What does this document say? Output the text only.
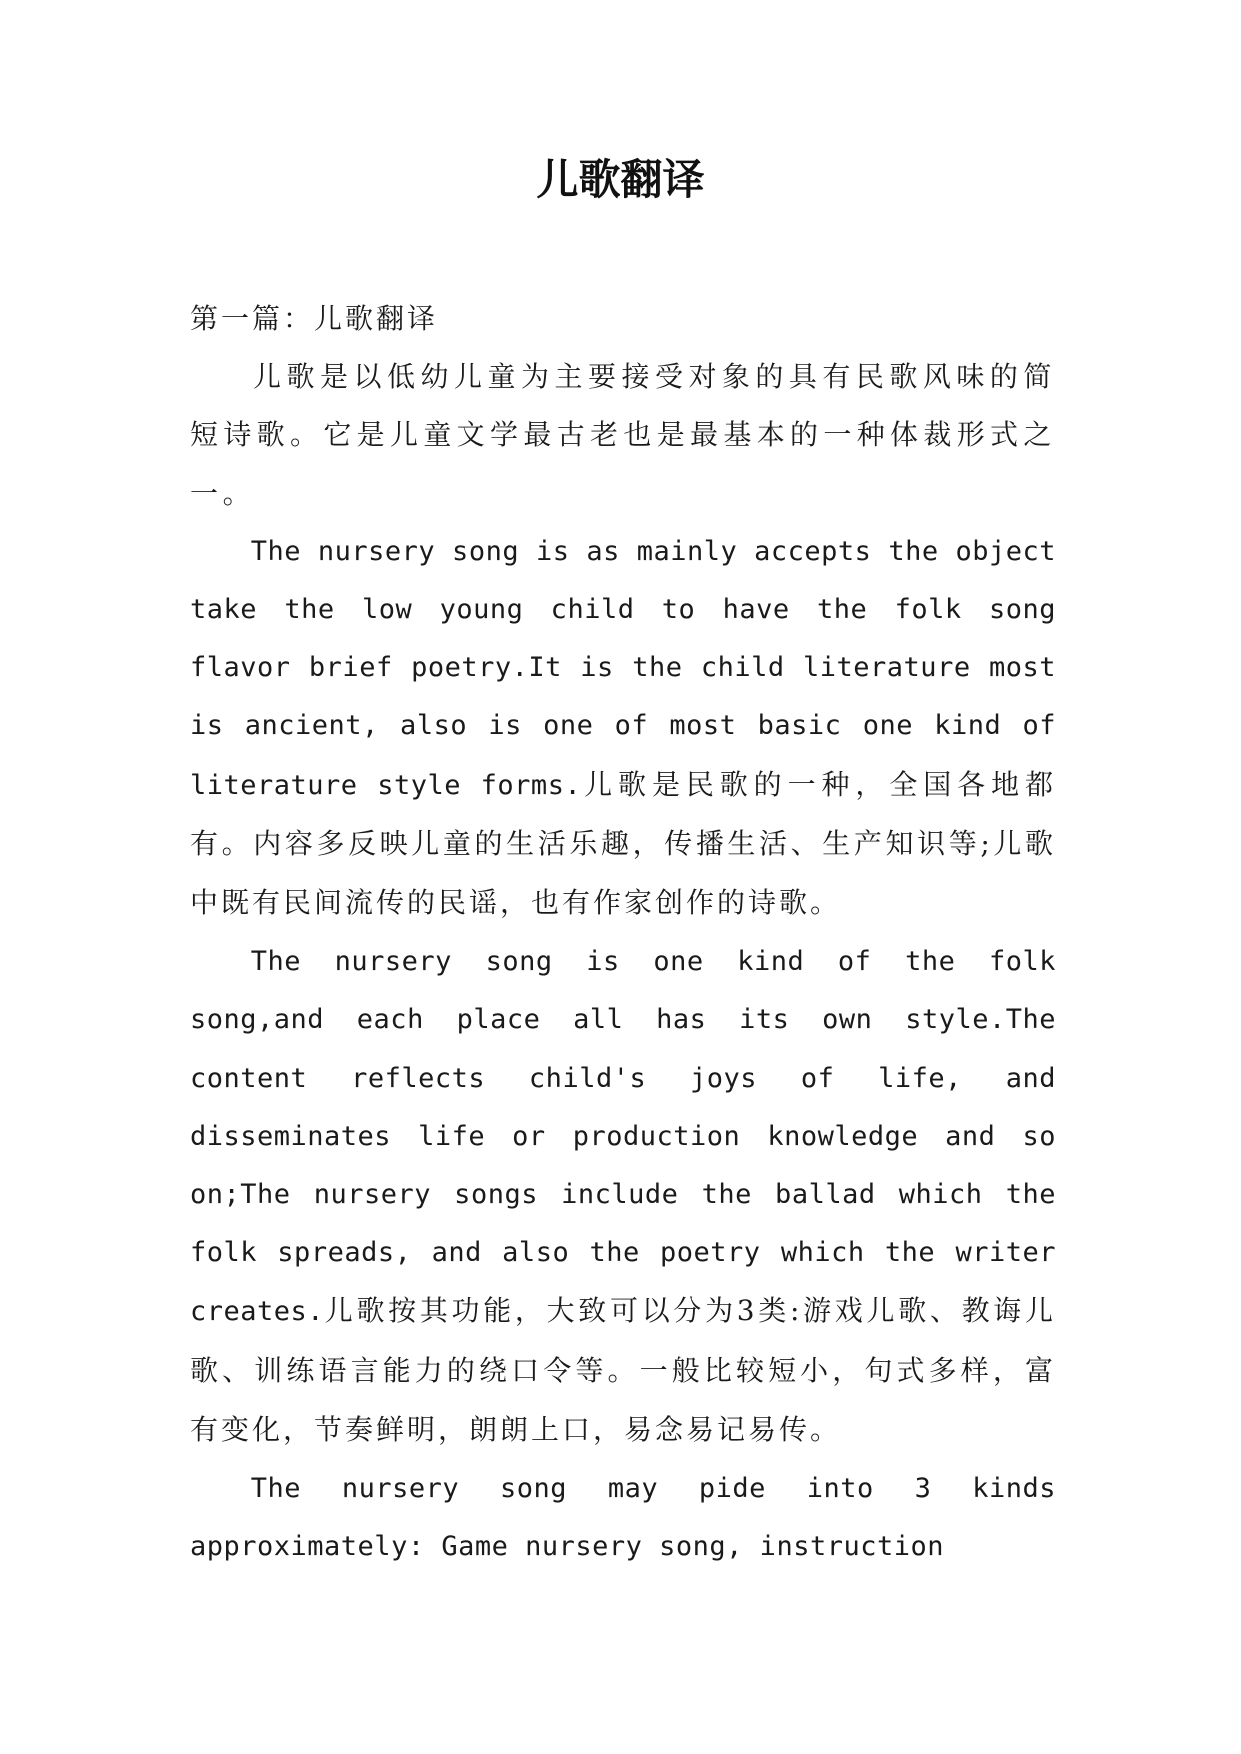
儿歌翻译

第一篇：儿歌翻译

儿歌是以低幼儿童为主要接受对象的具有民歌风味的简短诗歌。它是儿童文学最古老也是最基本的一种体裁形式之一。

The nursery song is as mainly accepts the object take the low young child to have the folk song flavor brief poetry.It is the child literature most is ancient, also is one of most basic one kind of literature style forms.儿歌是民歌的一种，全国各地都有。内容多反映儿童的生活乐趣，传播生活、生产知识等;儿歌中既有民间流传的民谣，也有作家创作的诗歌。

The nursery song is one kind of the folk song,and each place all has its own style.The content reflects child's joys of life, and disseminates life or production knowledge and so on;The nursery songs include the ballad which the folk spreads, and also the poetry which the writer creates.儿歌按其功能，大致可以分为3类:游戏儿歌、教诲儿歌、训练语言能力的绕口令等。一般比较短小，句式多样，富有变化，节奏鲜明，朗朗上口，易念易记易传。

The nursery song may pide into 3 kinds approximately: Game nursery song, instruction
